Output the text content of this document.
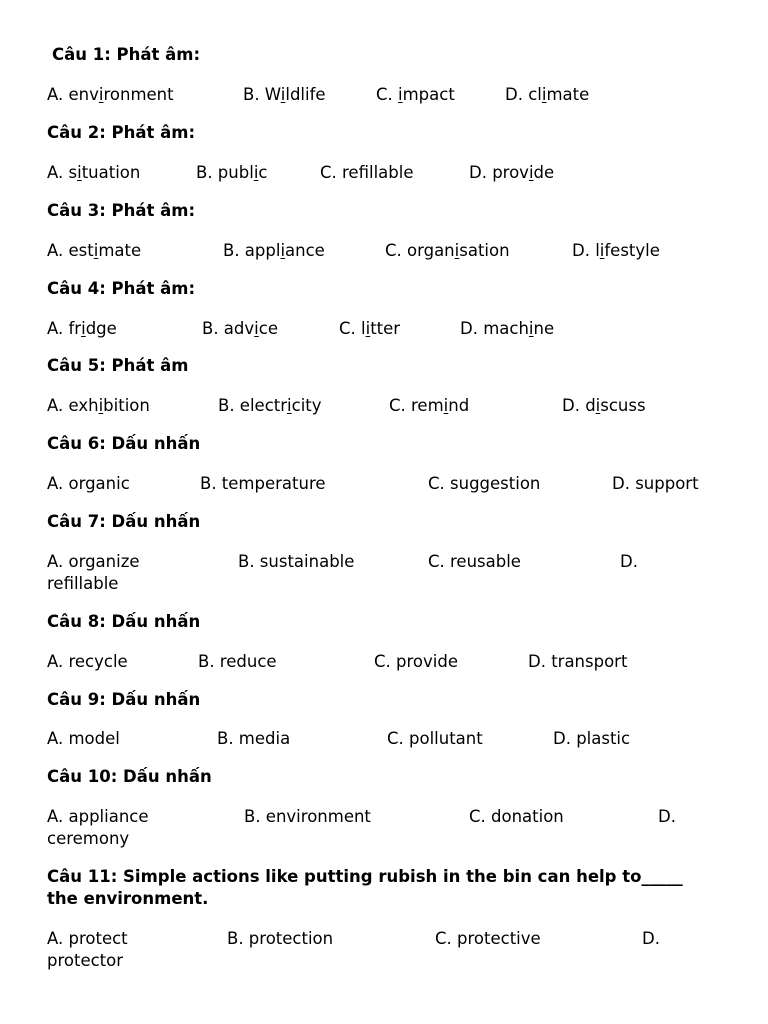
Câu 1: Phát âm:
A. environment	B. Wildlife	C. impact	D. climate
Câu 2: Phát âm:
A. situation	B. public	C. refllable	D. provide
Câu 3: Phát âm:
A. estimate	B. appliance	C. organisation	D. lifestyle
Câu 4: Phát âm:
A. fridge	B. advice	C. litter	D. machine
Câu 5: Phát âm
A. exhibition	B. electricity	C. remind	D. discuss
Câu 6: Dấu nhấn
A. organic	B. temperature	C. suggestion	D. support
Câu 7: Dấu nhấn
A. organize	B. sustainable	C. reusable	D.
refillable
Câu 8: Dấu nhấn
A. recycle	B. reduce	C. provide	D. transport
Câu 9: Dấu nhấn
A. model	B. media	C. pollutant	D. plastic
Câu 10: Dấu nhấn
A. appliance	B. environment	C. donation	D.
ceremony
Câu 11: Simple actions like putting rubish in the bin can help to_____ the environment.
A. protect	B. protection	C. protective	D.
protector
